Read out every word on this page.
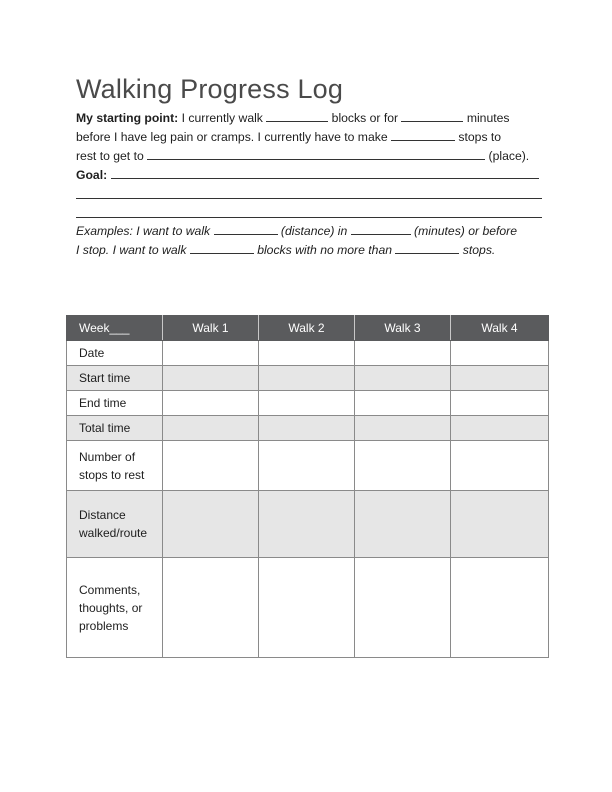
Walking Progress Log

My starting point: I currently walk	blocks or for	minutes

before I have leg pain or cramps. I currently have to make	stops to

rest to get to	(place).

Goal:

Examples: I want to walk	(distance) in	(minutes) or before

I stop. I want to walk	blocks with no more than	stops.

Week___	Walk 1	Walk 2	Walk 3	Walk 4
Date				
Start time				
End time				
Total time				
Number of stops to rest				
Distance walked/route				
Comments, thoughts, or problems				
